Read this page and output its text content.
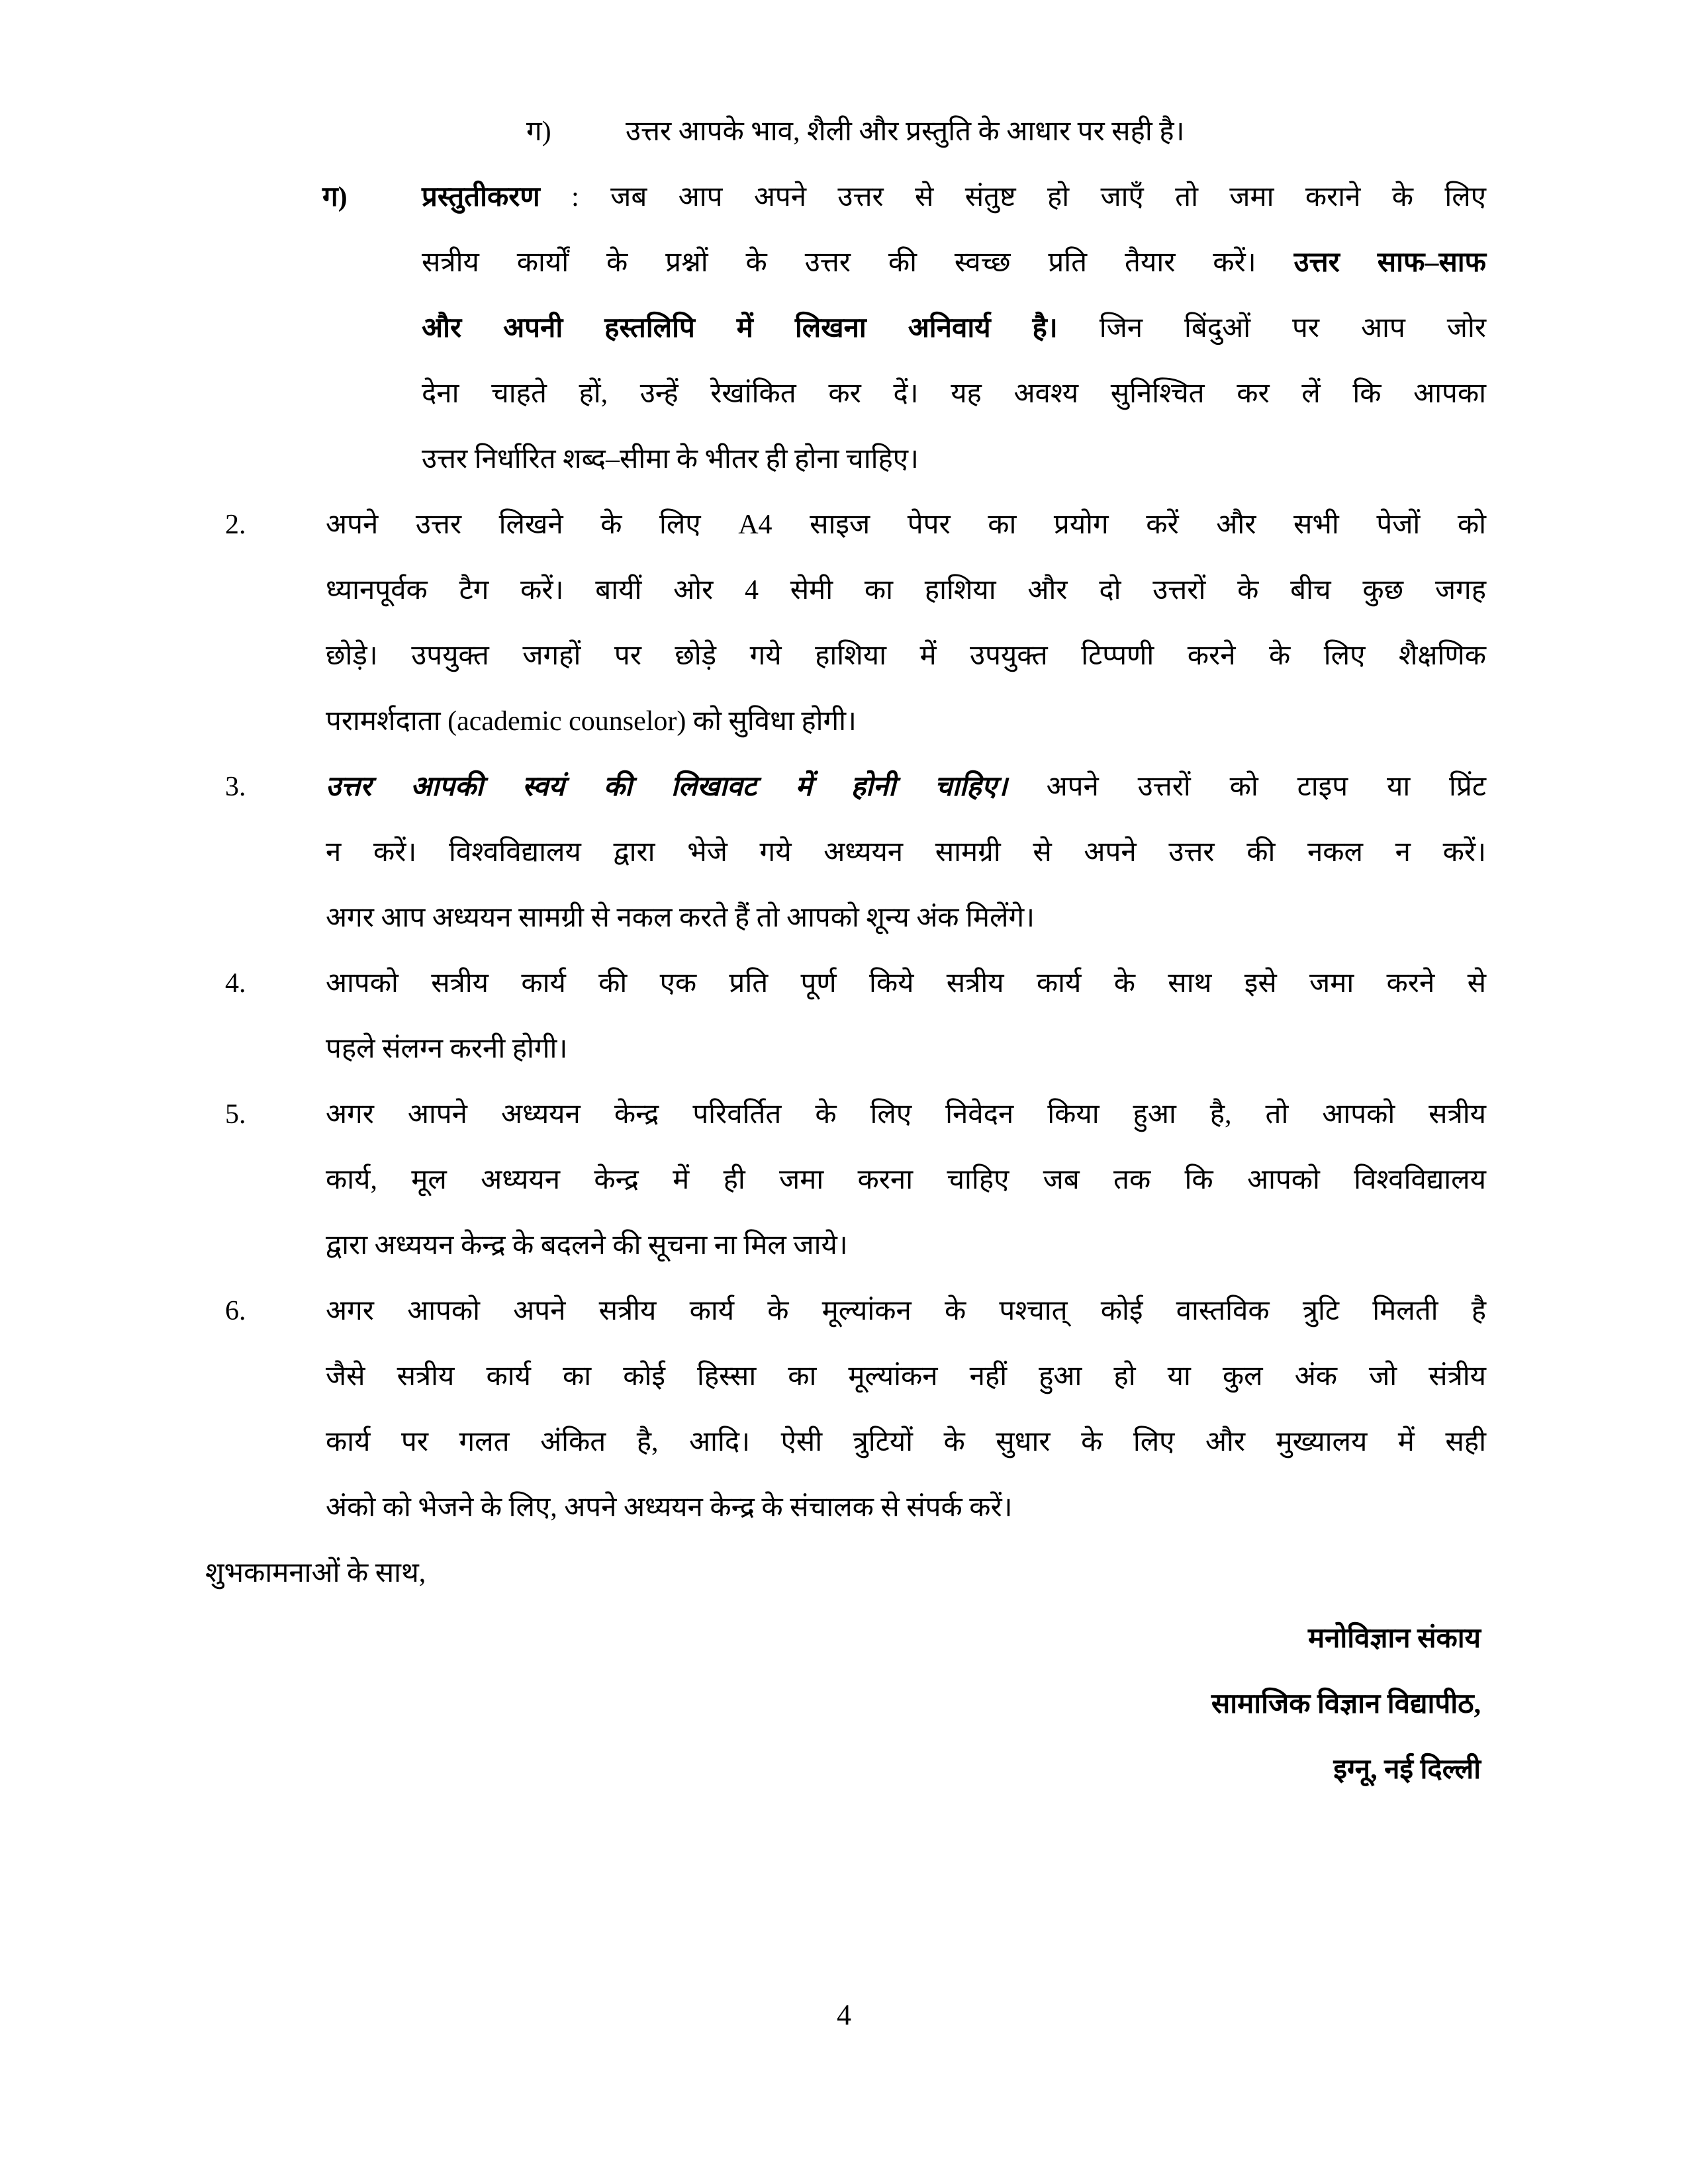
ग)	उत्तर आपके भाव, शैली और प्रस्तुति के आधार पर सही है।
ग)	प्रस्तुतीकरण : जब आप अपने उत्तर से संतुष्ट हो जाएँ तो जमा कराने के लिए
सत्रीय कार्यों के प्रश्नों के उत्तर की स्वच्छ प्रति तैयार करें। उत्तर साफ–साफ
और अपनी हस्तलिपि में लिखना अनिवार्य है। जिन बिंदुओं पर आप जोर
देना चाहते हों, उन्हें रेखांकित कर दें। यह अवश्य सुनिश्चित कर लें कि आपका
उत्तर निर्धारित शब्द–सीमा के भीतर ही होना चाहिए।
2.	अपने उत्तर लिखने के लिए A4 साइज पेपर का प्रयोग करें और सभी पेजों को
ध्यानपूर्वक टैग करें। बायीं ओर 4 सेमी का हाशिया और दो उत्तरों के बीच कुछ जगह
छोड़े। उपयुक्त जगहों पर छोड़े गये हाशिया में उपयुक्त टिप्पणी करने के लिए शैक्षणिक
परामर्शदाता (academic counselor) को सुविधा होगी।
3.	उत्तर आपकी स्वयं की लिखावट में होनी चाहिए। अपने उत्तरों को टाइप या प्रिंट
न करें। विश्वविद्यालय द्वारा भेजे गये अध्ययन सामग्री से अपने उत्तर की नकल न करें।
अगर आप अध्ययन सामग्री से नकल करते हैं तो आपको शून्य अंक मिलेंगे।
4.	आपको सत्रीय कार्य की एक प्रति पूर्ण किये सत्रीय कार्य के साथ इसे जमा करने से
पहले संलग्न करनी होगी।
5.	अगर आपने अध्ययन केन्द्र परिवर्तित के लिए निवेदन किया हुआ है, तो आपको सत्रीय
कार्य, मूल अध्ययन केन्द्र में ही जमा करना चाहिए जब तक कि आपको विश्वविद्यालय
द्वारा अध्ययन केन्द्र के बदलने की सूचना ना मिल जाये।
6.	अगर आपको अपने सत्रीय कार्य के मूल्यांकन के पश्चात् कोई वास्तविक त्रुटि मिलती है
जैसे सत्रीय कार्य का कोई हिस्सा का मूल्यांकन नहीं हुआ हो या कुल अंक जो संत्रीय
कार्य पर गलत अंकित है, आदि। ऐसी त्रुटियों के सुधार के लिए और मुख्यालय में सही
अंको को भेजने के लिए, अपने अध्ययन केन्द्र के संचालक से संपर्क करें।
शुभकामनाओं के साथ,
मनोविज्ञान संकाय
सामाजिक विज्ञान विद्यापीठ,
इग्नू, नई दिल्ली
4
